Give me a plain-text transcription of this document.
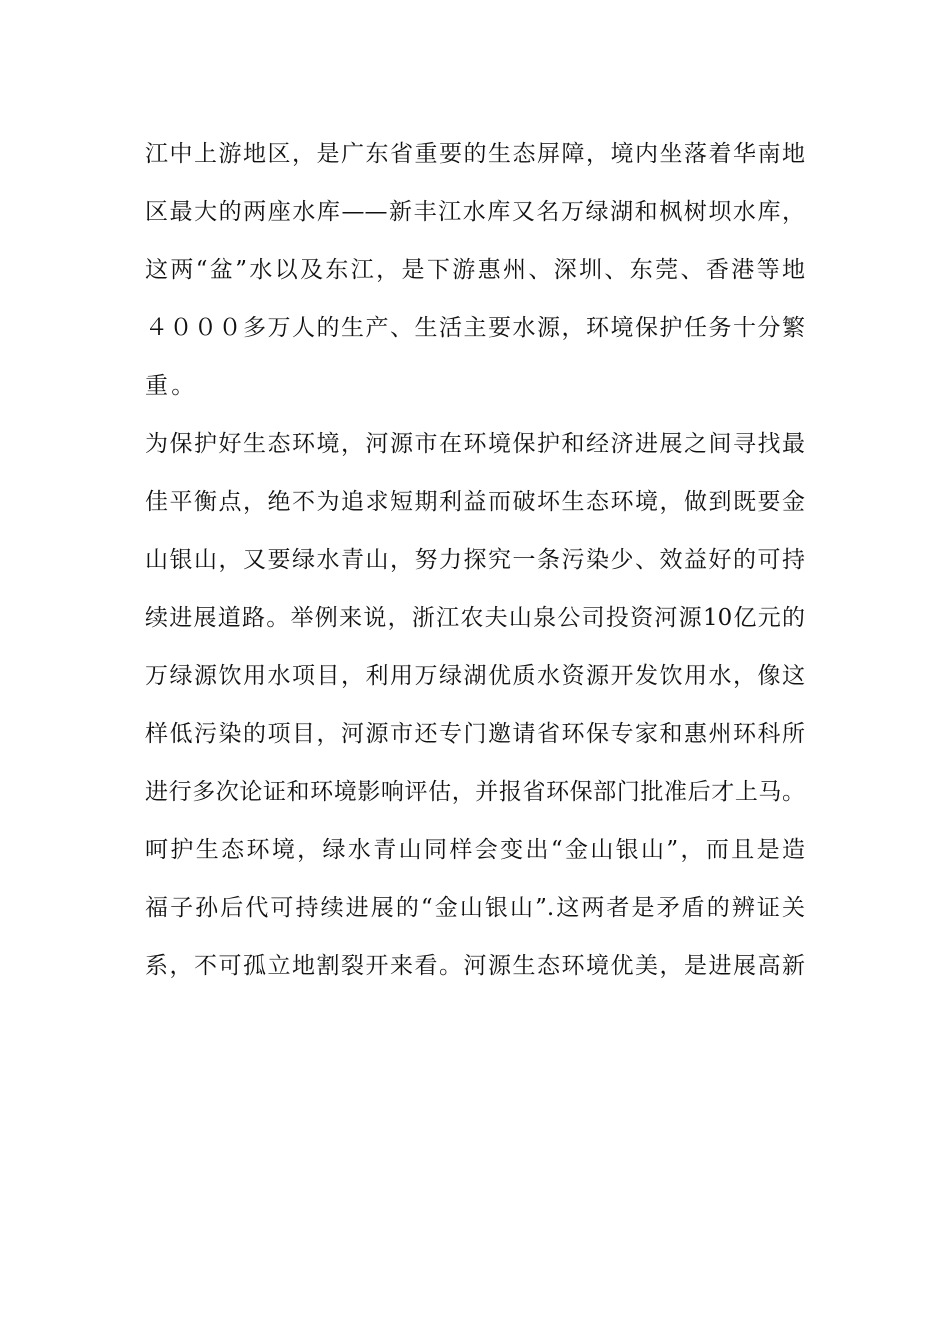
江中上游地区，是广东省重要的生态屏障，境内坐落着华南地
区最大的两座水库——新丰江水库又名万绿湖和枫树坝水库，
这两“盆”水以及东江，是下游惠州、深圳、东莞、香港等地
４０００多万人的生产、生活主要水源，环境保护任务十分繁
重。
为保护好生态环境，河源市在环境保护和经济进展之间寻找最
佳平衡点，绝不为追求短期利益而破坏生态环境，做到既要金
山银山，又要绿水青山，努力探究一条污染少、效益好的可持
续进展道路。举例来说，浙江农夫山泉公司投资河源10亿元的
万绿源饮用水项目，利用万绿湖优质水资源开发饮用水，像这
样低污染的项目，河源市还专门邀请省环保专家和惠州环科所
进行多次论证和环境影响评估，并报省环保部门批准后才上马。
呵护生态环境，绿水青山同样会变出“金山银山”，而且是造
福子孙后代可持续进展的“金山银山”.这两者是矛盾的辨证关
系，不可孤立地割裂开来看。河源生态环境优美，是进展高新
